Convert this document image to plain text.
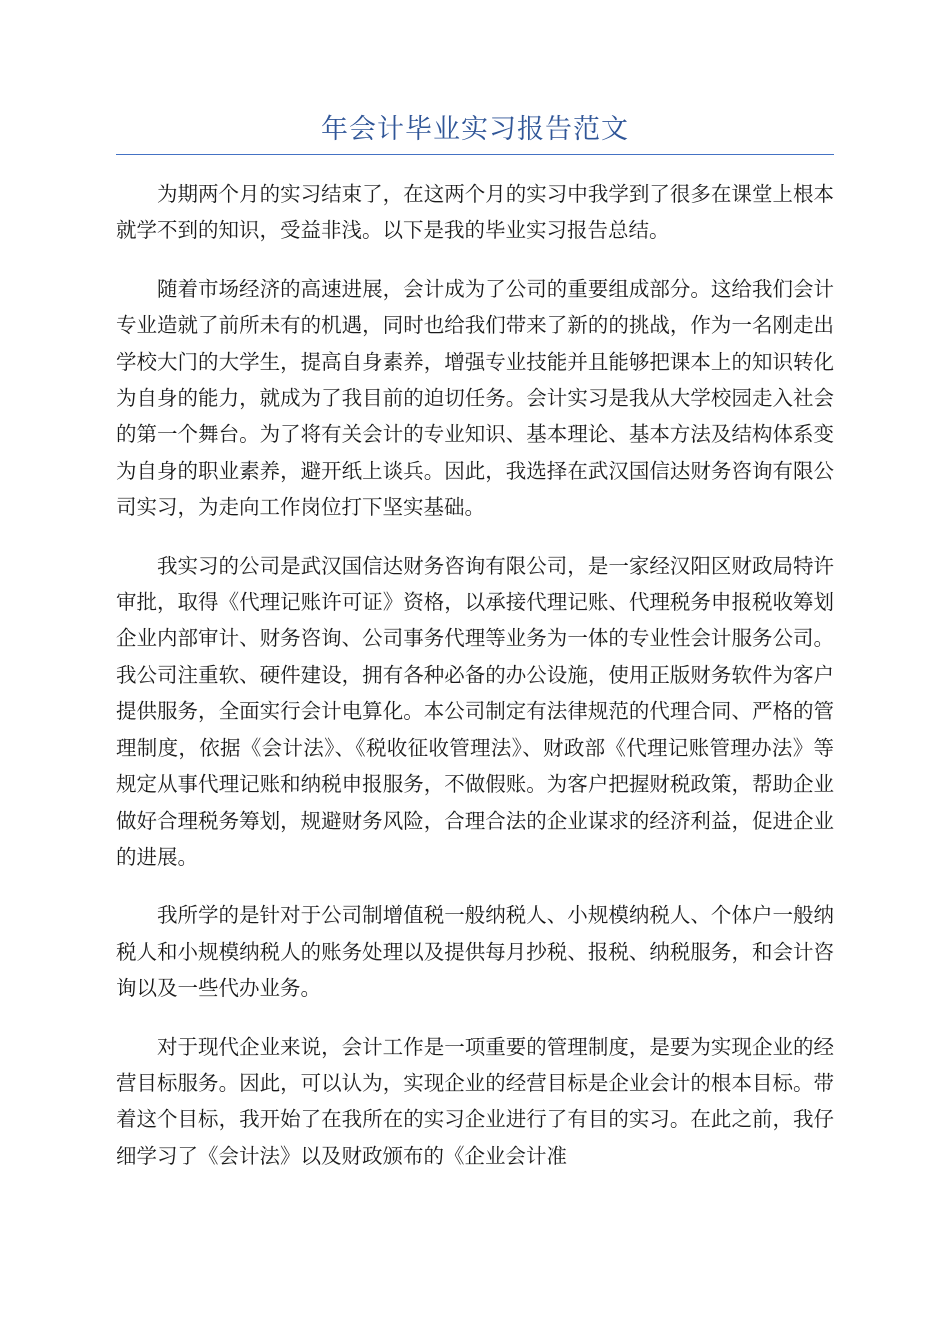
年会计毕业实习报告范文

为期两个月的实习结束了，在这两个月的实习中我学到了很多在课堂上根本就学不到的知识，受益非浅。以下是我的毕业实习报告总结。

随着市场经济的高速进展，会计成为了公司的重要组成部分。这给我们会计专业造就了前所未有的机遇，同时也给我们带来了新的的挑战，作为一名刚走出学校大门的大学生，提高自身素养，增强专业技能并且能够把课本上的知识转化为自身的能力，就成为了我目前的迫切任务。会计实习是我从大学校园走入社会的第一个舞台。为了将有关会计的专业知识、基本理论、基本方法及结构体系变为自身的职业素养，避开纸上谈兵。因此，我选择在武汉国信达财务咨询有限公司实习，为走向工作岗位打下坚实基础。

我实习的公司是武汉国信达财务咨询有限公司，是一家经汉阳区财政局特许审批，取得《代理记账许可证》资格，以承接代理记账、代理税务申报税收筹划企业内部审计、财务咨询、公司事务代理等业务为一体的专业性会计服务公司。我公司注重软、硬件建设，拥有各种必备的办公设施，使用正版财务软件为客户提供服务，全面实行会计电算化。本公司制定有法律规范的代理合同、严格的管理制度，依据《会计法》、《税收征收管理法》、财政部《代理记账管理办法》等规定从事代理记账和纳税申报服务，不做假账。为客户把握财税政策，帮助企业做好合理税务筹划，规避财务风险，合理合法的企业谋求的经济利益，促进企业的进展。

我所学的是针对于公司制增值税一般纳税人、小规模纳税人、个体户一般纳税人和小规模纳税人的账务处理以及提供每月抄税、报税、纳税服务，和会计咨询以及一些代办业务。

对于现代企业来说，会计工作是一项重要的管理制度，是要为实现企业的经营目标服务。因此，可以认为，实现企业的经营目标是企业会计的根本目标。带着这个目标，我开始了在我所在的实习企业进行了有目的实习。在此之前，我仔细学习了《会计法》以及财政颁布的《企业会计准
